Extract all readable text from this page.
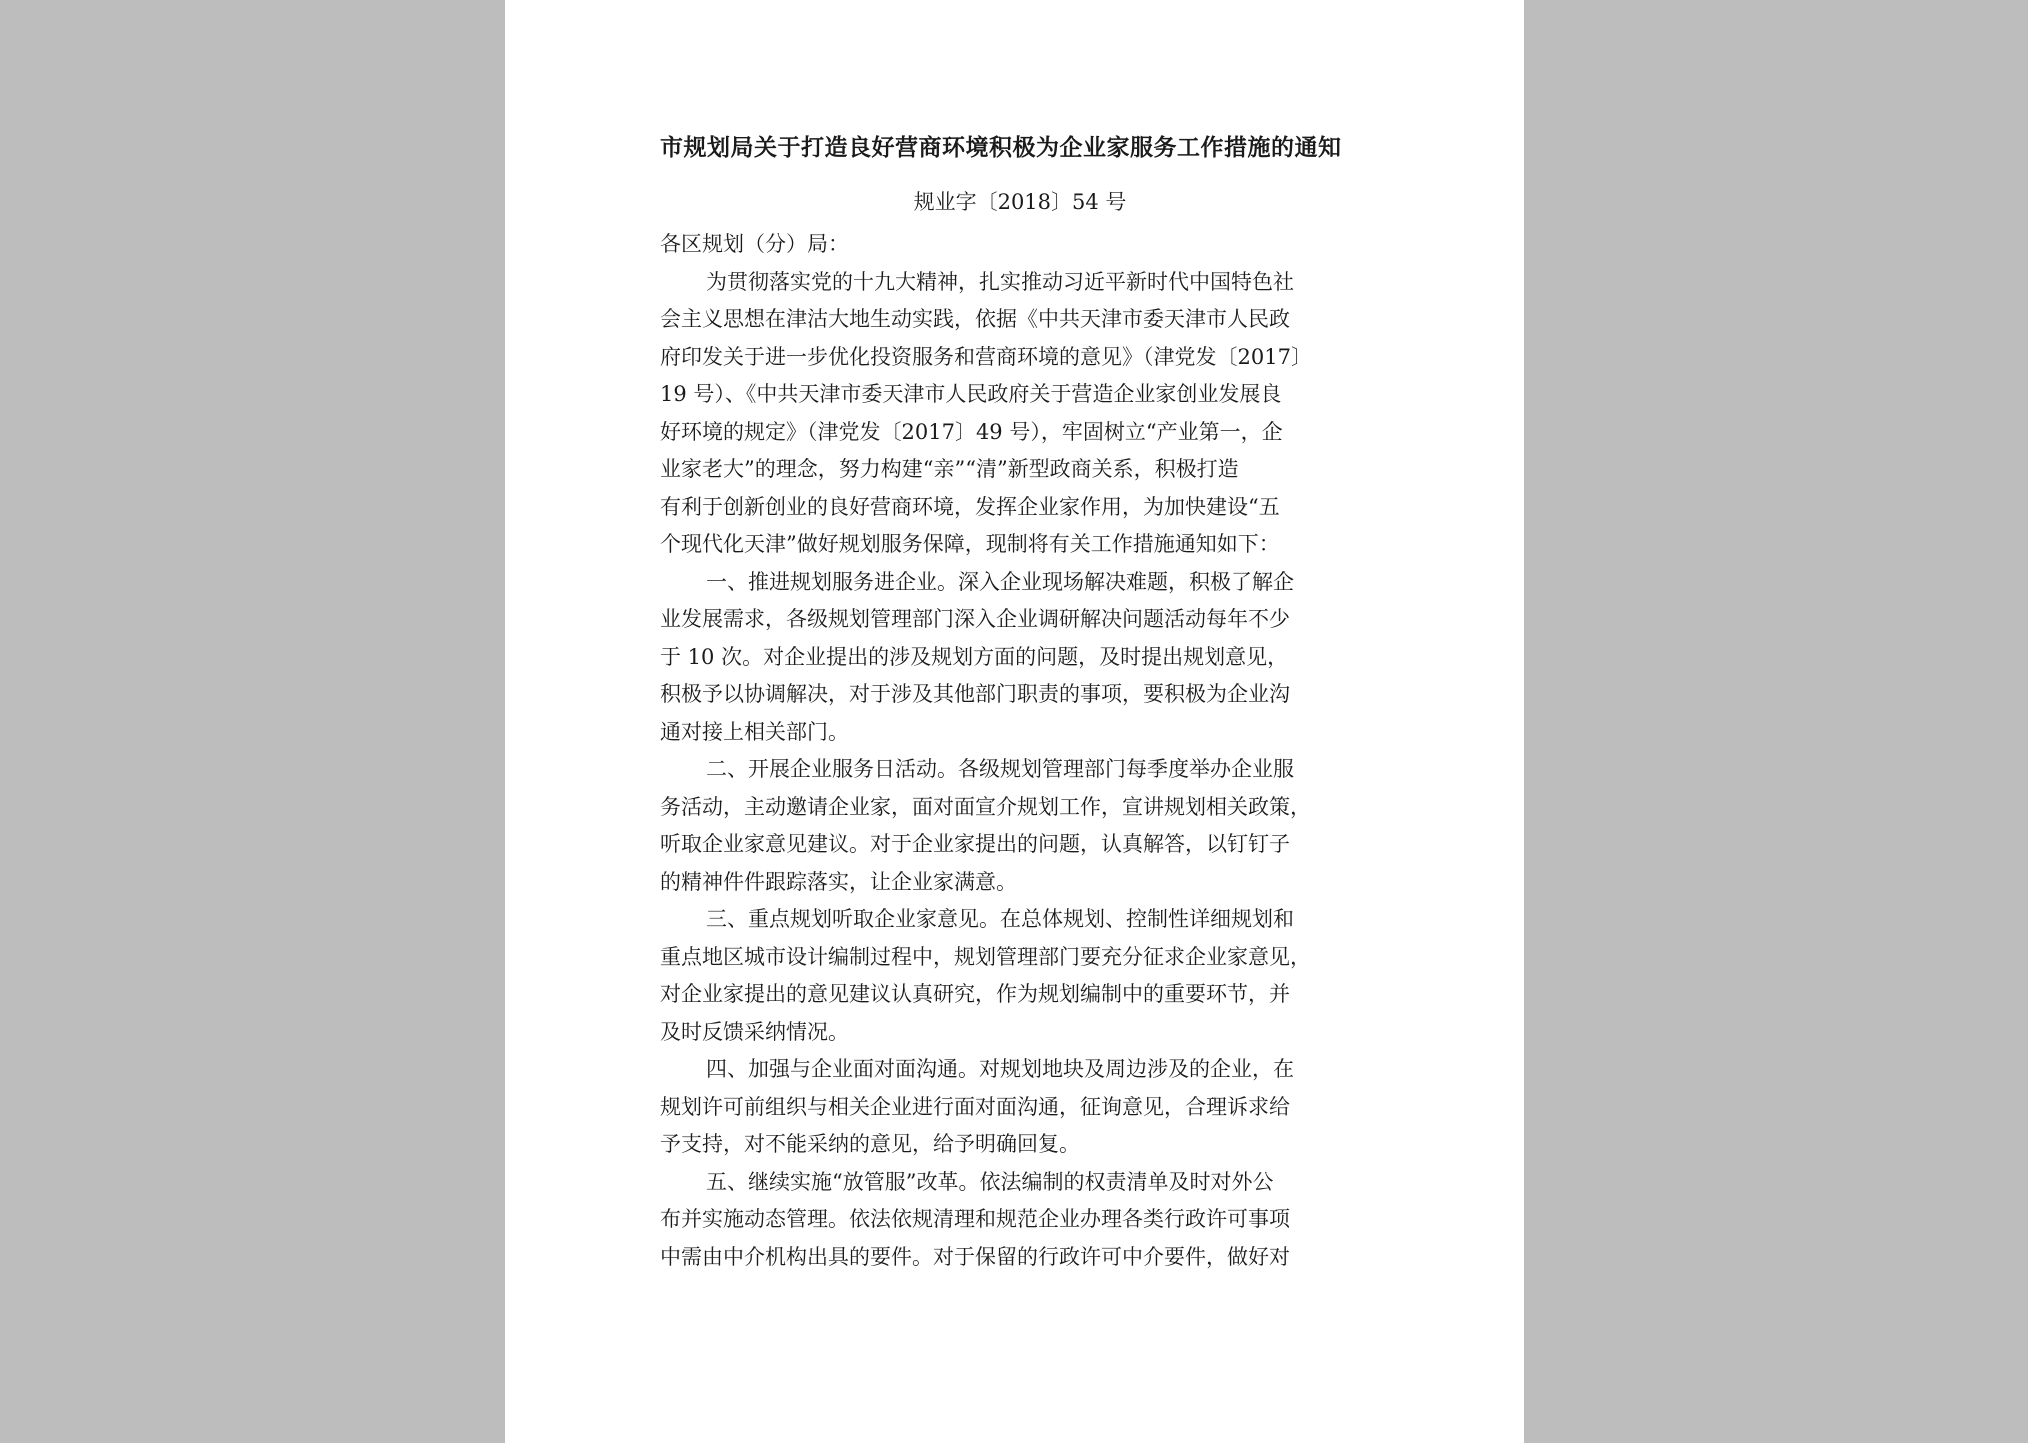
市规划局关于打造良好营商环境积极为企业家服务工作措施的通知
规业字〔2018〕54 号
各区规划（分）局：
为贯彻落实党的十九大精神，扎实推动习近平新时代中国特色社
会主义思想在津沽大地生动实践，依据《中共天津市委天津市人民政
府印发关于进一步优化投资服务和营商环境的意见》（津党发〔2017〕
19 号）、《中共天津市委天津市人民政府关于营造企业家创业发展良
好环境的规定》（津党发〔2017〕49 号），牢固树立“产业第一，企
业家老大”的理念，努力构建“亲”“清”新型政商关系，积极打造
有利于创新创业的良好营商环境，发挥企业家作用，为加快建设“五
个现代化天津”做好规划服务保障，现制将有关工作措施通知如下：
一、推进规划服务进企业。深入企业现场解决难题，积极了解企
业发展需求，各级规划管理部门深入企业调研解决问题活动每年不少
于 10 次。对企业提出的涉及规划方面的问题，及时提出规划意见，
积极予以协调解决，对于涉及其他部门职责的事项，要积极为企业沟
通对接上相关部门。
二、开展企业服务日活动。各级规划管理部门每季度举办企业服
务活动，主动邀请企业家，面对面宣介规划工作，宣讲规划相关政策，
听取企业家意见建议。对于企业家提出的问题，认真解答，以钉钉子
的精神件件跟踪落实，让企业家满意。
三、重点规划听取企业家意见。在总体规划、控制性详细规划和
重点地区城市设计编制过程中，规划管理部门要充分征求企业家意见，
对企业家提出的意见建议认真研究，作为规划编制中的重要环节，并
及时反馈采纳情况。
四、加强与企业面对面沟通。对规划地块及周边涉及的企业，在
规划许可前组织与相关企业进行面对面沟通，征询意见，合理诉求给
予支持，对不能采纳的意见，给予明确回复。
五、继续实施“放管服”改革。依法编制的权责清单及时对外公
布并实施动态管理。依法依规清理和规范企业办理各类行政许可事项
中需由中介机构出具的要件。对于保留的行政许可中介要件，做好对
